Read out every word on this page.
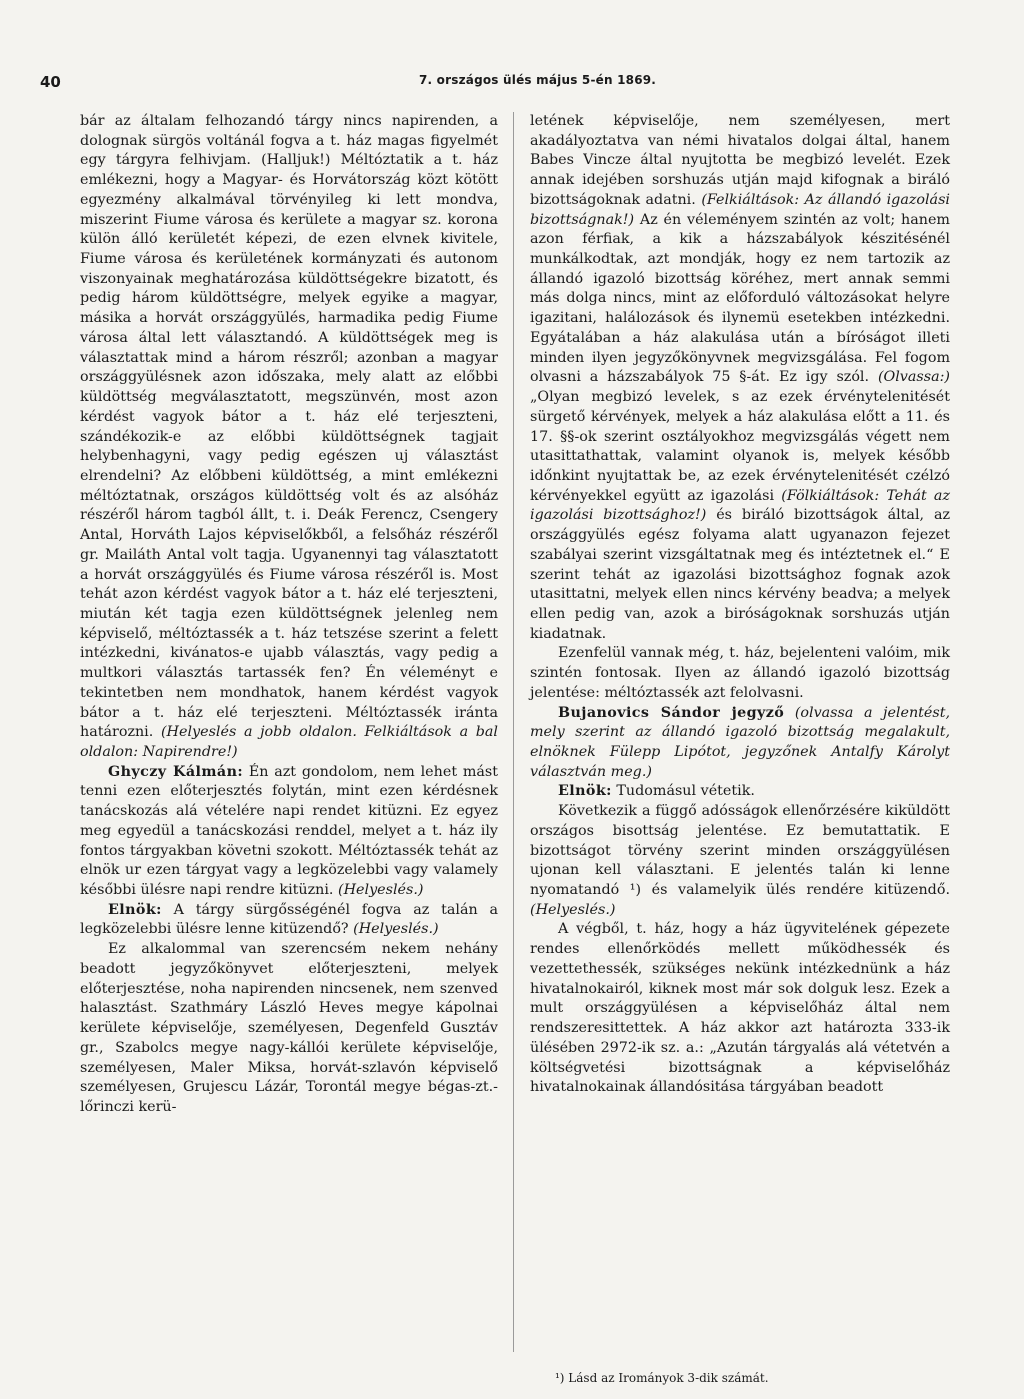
40	7. országos ülés május 5-én 1869.

bár az általam felhozandó tárgy nincs napirenden, a dolognak sürgös voltánál fogva a t. ház magas figyelmét egy tárgyra felhivjam. (Halljuk!) Méltóztatik a t. ház emlékezni, hogy a Magyar- és Horvátország közt kötött egyezmény alkalmával törvényileg ki lett mondva, miszerint Fiume városa és kerülete a magyar sz. korona külön álló kerületét képezi, de ezen elvnek kivitele, Fiume városa és kerületének kormányzati és autonom viszonyainak meghatározása küldöttségekre bizatott, és pedig három küldöttségre, melyek egyike a magyar, másika a horvát országgyülés, harmadika pedig Fiume városa által lett választandó. A küldöttségek meg is választattak mind a három részről; azonban a magyar országgyülésnek azon időszaka, mely alatt az előbbi küldöttség megválasztatott, megszünvén, most azon kérdést vagyok bátor a t. ház elé terjeszteni, szándékozik-e az előbbi küldöttségnek tagjait helybenhagyni, vagy pedig egészen uj választást elrendelni? Az előbbeni küldöttség, a mint emlékezni méltóztatnak, országos küldöttség volt és az alsóház részéről három tagból állt, t. i. Deák Ferencz, Csengery Antal, Horváth Lajos képviselőkből, a felsőház részéről gr. Mailáth Antal volt tagja. Ugyanennyi tag választatott a horvát országgyülés és Fiume városa részéről is. Most tehát azon kérdést vagyok bátor a t. ház elé terjeszteni, miután két tagja ezen küldöttségnek jelenleg nem képviselő, méltóztassék a t. ház tetszése szerint a felett intézkedni, kivánatos-e ujabb választás, vagy pedig a multkori választás tartassék fen? Én véleményt e tekintetben nem mondhatok, hanem kérdést vagyok bátor a t. ház elé terjeszteni. Méltóztassék iránta határozni. (Helyeslés a jobb oldalon. Felkiáltások a bal oldalon: Napirendre!)

Ghyczy Kálmán: Én azt gondolom, nem lehet mást tenni ezen előterjesztés folytán, mint ezen kérdésnek tanácskozás alá vételére napi rendet kitüzni. Ez egyez meg egyedül a tanácskozási renddel, melyet a t. ház ily fontos tárgyakban követni szokott. Méltóztassék tehát az elnök ur ezen tárgyat vagy a legközelebbi vagy valamely későbbi ülésre napi rendre kitüzni. (Helyeslés.)

Elnök: A tárgy sürgősségénél fogva az talán a legközelebbi ülésre lenne kitüzendő? (Helyeslés.)

Ez alkalommal van szerencsém nekem nehány beadott jegyzőkönyvet előterjeszteni, melyek előterjesztése, noha napirenden nincsenek, nem szenved halasztást. Szathmáry László Heves megye kápolnai kerülete képviselője, személyesen, Degenfeld Gusztáv gr., Szabolcs megye nagy-kállói kerülete képviselője, személyesen, Maler Miksa, horvát-szlavón képviselő személyesen, Grujescu Lázár, Torontál megye bégas-zt.-lőrinczi kerü-

letének képviselője, nem személyesen, mert akadályoztatva van némi hivatalos dolgai által, hanem Babes Vincze által nyujtotta be megbizó levelét. Ezek annak idejében sorshuzás utján majd kifognak a biráló bizottságoknak adatni. (Felkiáltások: Az állandó igazolási bizottságnak!) Az én véleményem szintén az volt; hanem azon férfiak, a kik a házszabályok készitésénél munkálkodtak, azt mondják, hogy ez nem tartozik az állandó igazoló bizottság köréhez, mert annak semmi más dolga nincs, mint az előforduló változásokat helyre igazitani, halálozások és ilynemü esetekben intézkedni. Egyátalában a ház alakulása után a bíróságot illeti minden ilyen jegyzőkönyvnek megvizsgálása. Fel fogom olvasni a házszabályok 75 §-át. Ez igy szól. (Olvassa:) „Olyan megbizó levelek, s az ezek érvénytelenitését sürgető kérvények, melyek a ház alakulása előtt a 11. és 17. §§-ok szerint osztályokhoz megvizsgálás végett nem utasittathattak, valamint olyanok is, melyek később időnkint nyujtattak be, az ezek érvénytelenitését czélzó kérvényekkel együtt az igazolási (Fölkiáltások: Tehát az igazolási bizottsághoz!) és biráló bizottságok által, az országgyülés egész folyama alatt ugyanazon fejezet szabályai szerint vizsgáltatnak meg és intéztetnek el.“ E szerint tehát az igazolási bizottsághoz fognak azok utasittatni, melyek ellen nincs kérvény beadva; a melyek ellen pedig van, azok a biróságoknak sorshuzás utján kiadatnak.

Ezenfelül vannak még, t. ház, bejelenteni valóim, mik szintén fontosak. Ilyen az állandó igazoló bizottság jelentése: méltóztassék azt felolvasni.

Bujanovics Sándor jegyző (olvassa a jelentést, mely szerint az állandó igazoló bizottság megalakult, elnöknek Fülepp Lipótot, jegyzőnek Antalfy Károlyt választván meg.)

Elnök: Tudomásul vétetik.

Következik a függő adósságok ellenőrzésére kiküldött országos bisottság jelentése. Ez bemutattatik. E bizottságot törvény szerint minden országgyülésen ujonan kell választani. E jelentés talán ki lenne nyomatandó ¹) és valamelyik ülés rendére kitüzendő. (Helyeslés.)

A végből, t. ház, hogy a ház ügyvitelének gépezete rendes ellenőrködés mellett működhessék és vezettethessék, szükséges nekünk intézkednünk a ház hivatalnokairól, kiknek most már sok dolguk lesz. Ezek a mult országgyülésen a képviselőház által nem rendszeresittettek. A ház akkor azt határozta 333-ik ülésében 2972-ik sz. a.: „Azután tárgyalás alá vétetvén a költségvetési bizottságnak a képviselőház hivatalnokainak állandósitása tárgyában beadott

¹) Lásd az Irományok 3-dik számát.
